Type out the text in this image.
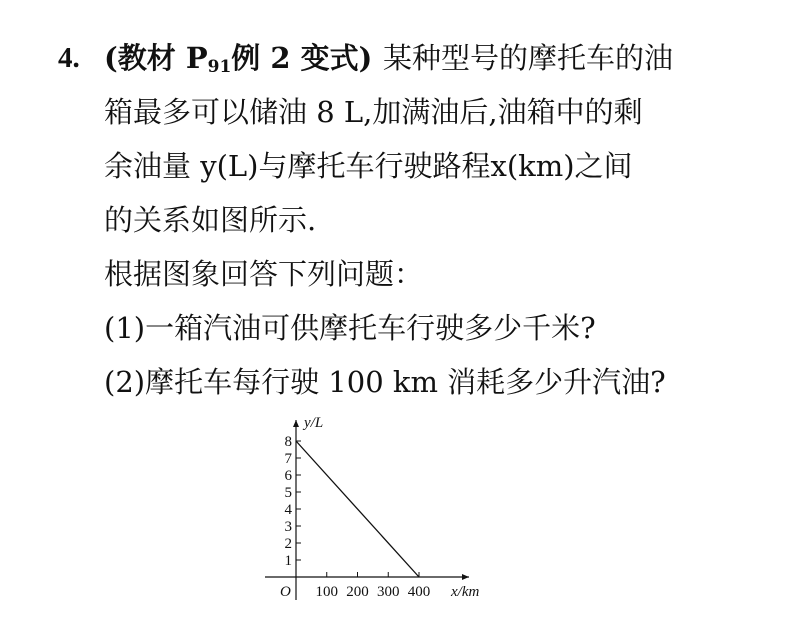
4. (教材 $P_{91}$例 2 变式) 某种型号的摩托车的油
箱最多可以储油 8 L,加满油后,油箱中的剩
余油量 y(L)与摩托车行驶路程x(km)之间
的关系如图所示.
根据图象回答下列问题：
(1)一箱汽油可供摩托车行驶多少千米?
(2)摩托车每行驶 100 km 消耗多少升汽油?
1
2
3
4
5
6
7
8
100 200 300 400
O
y/L
x/km
